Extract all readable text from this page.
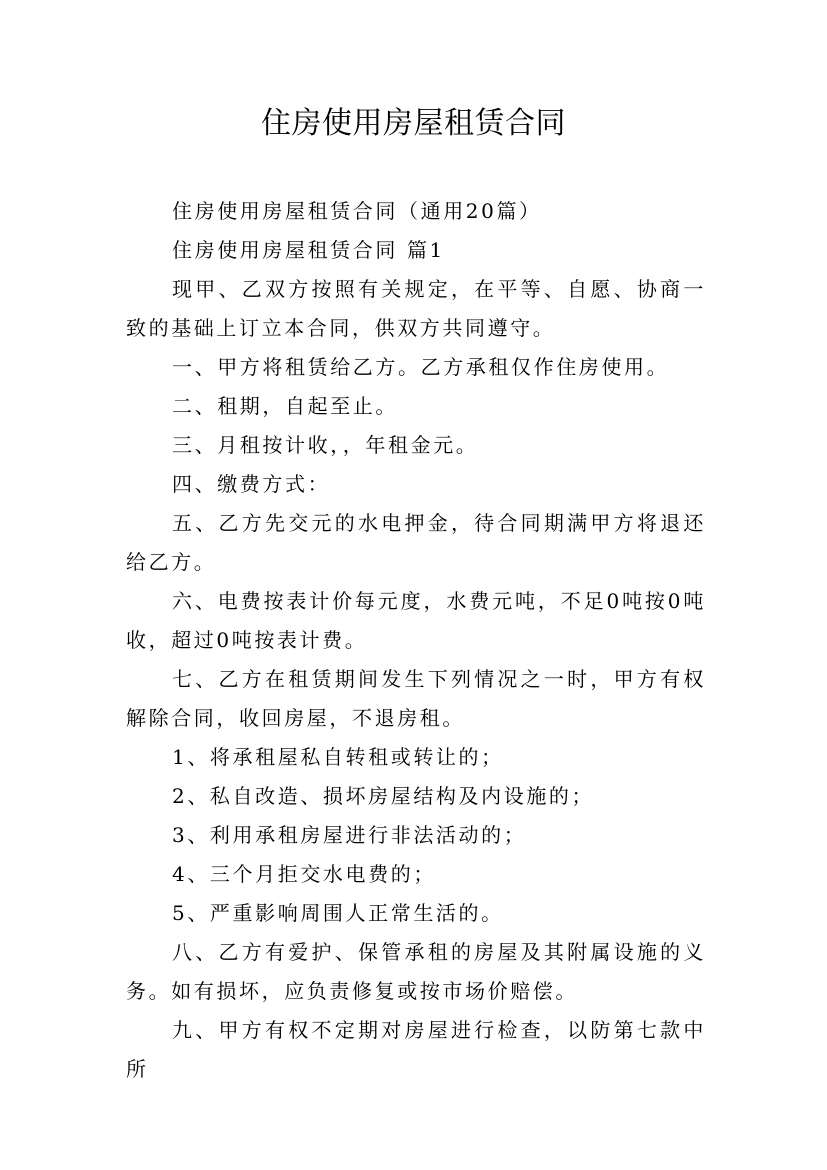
住房使用房屋租赁合同

住房使用房屋租赁合同（通用20篇）

住房使用房屋租赁合同 篇1

现甲、乙双方按照有关规定，在平等、自愿、协商一致的基础上订立本合同，供双方共同遵守。

一、甲方将租赁给乙方。乙方承租仅作住房使用。

二、租期，自起至止。

三、月租按计收，，年租金元。

四、缴费方式：

五、乙方先交元的水电押金，待合同期满甲方将退还给乙方。

六、电费按表计价每元度，水费元吨，不足0吨按0吨收，超过0吨按表计费。

七、乙方在租赁期间发生下列情况之一时，甲方有权解除合同，收回房屋，不退房租。

1、将承租屋私自转租或转让的；

2、私自改造、损坏房屋结构及内设施的；

3、利用承租房屋进行非法活动的；

4、三个月拒交水电费的；

5、严重影响周围人正常生活的。

八、乙方有爱护、保管承租的房屋及其附属设施的义务。如有损坏，应负责修复或按市场价赔偿。

九、甲方有权不定期对房屋进行检查，以防第七款中所
